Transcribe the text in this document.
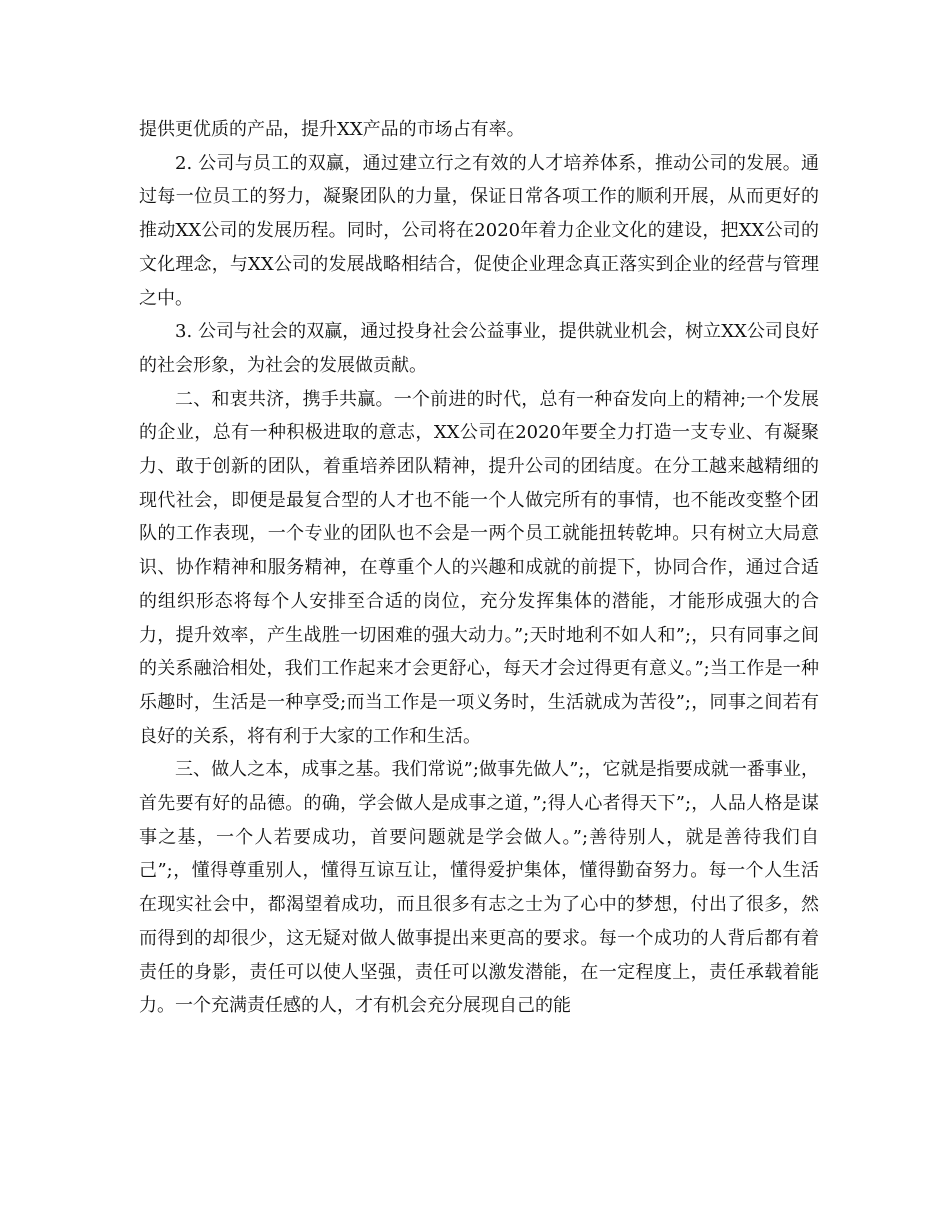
提供更优质的产品，提升XX产品的市场占有率。

2. 公司与员工的双赢，通过建立行之有效的人才培养体系，推动公司的发展。通过每一位员工的努力，凝聚团队的力量，保证日常各项工作的顺利开展，从而更好的推动XX公司的发展历程。同时，公司将在2020年着力企业文化的建设，把XX公司的文化理念，与XX公司的发展战略相结合，促使企业理念真正落实到企业的经营与管理之中。

3. 公司与社会的双赢，通过投身社会公益事业，提供就业机会，树立XX公司良好的社会形象，为社会的发展做贡献。

二、和衷共济，携手共赢。一个前进的时代，总有一种奋发向上的精神;一个发展的企业，总有一种积极进取的意志，XX公司在2020年要全力打造一支专业、有凝聚力、敢于创新的团队，着重培养团队精神，提升公司的团结度。在分工越来越精细的现代社会，即便是最复合型的人才也不能一个人做完所有的事情，也不能改变整个团队的工作表现，一个专业的团队也不会是一两个员工就能扭转乾坤。只有树立大局意识、协作精神和服务精神，在尊重个人的兴趣和成就的前提下，协同合作，通过合适的组织形态将每个人安排至合适的岗位，充分发挥集体的潜能，才能形成强大的合力，提升效率，产生战胜一切困难的强大动力。”;天时地利不如人和”;，只有同事之间的关系融洽相处，我们工作起来才会更舒心，每天才会过得更有意义。”;当工作是一种乐趣时，生活是一种享受;而当工作是一项义务时，生活就成为苦役”;，同事之间若有良好的关系，将有利于大家的工作和生活。

三、做人之本，成事之基。我们常说”;做事先做人”;，它就是指要成就一番事业，首先要有好的品德。的确，学会做人是成事之道，”;得人心者得天下”;，人品人格是谋事之基，一个人若要成功，首要问题就是学会做人。”;善待别人，就是善待我们自己”;，懂得尊重别人，懂得互谅互让，懂得爱护集体，懂得勤奋努力。每一个人生活在现实社会中，都渴望着成功，而且很多有志之士为了心中的梦想，付出了很多，然而得到的却很少，这无疑对做人做事提出来更高的要求。每一个成功的人背后都有着责任的身影，责任可以使人坚强，责任可以激发潜能，在一定程度上，责任承载着能力。一个充满责任感的人，才有机会充分展现自己的能
